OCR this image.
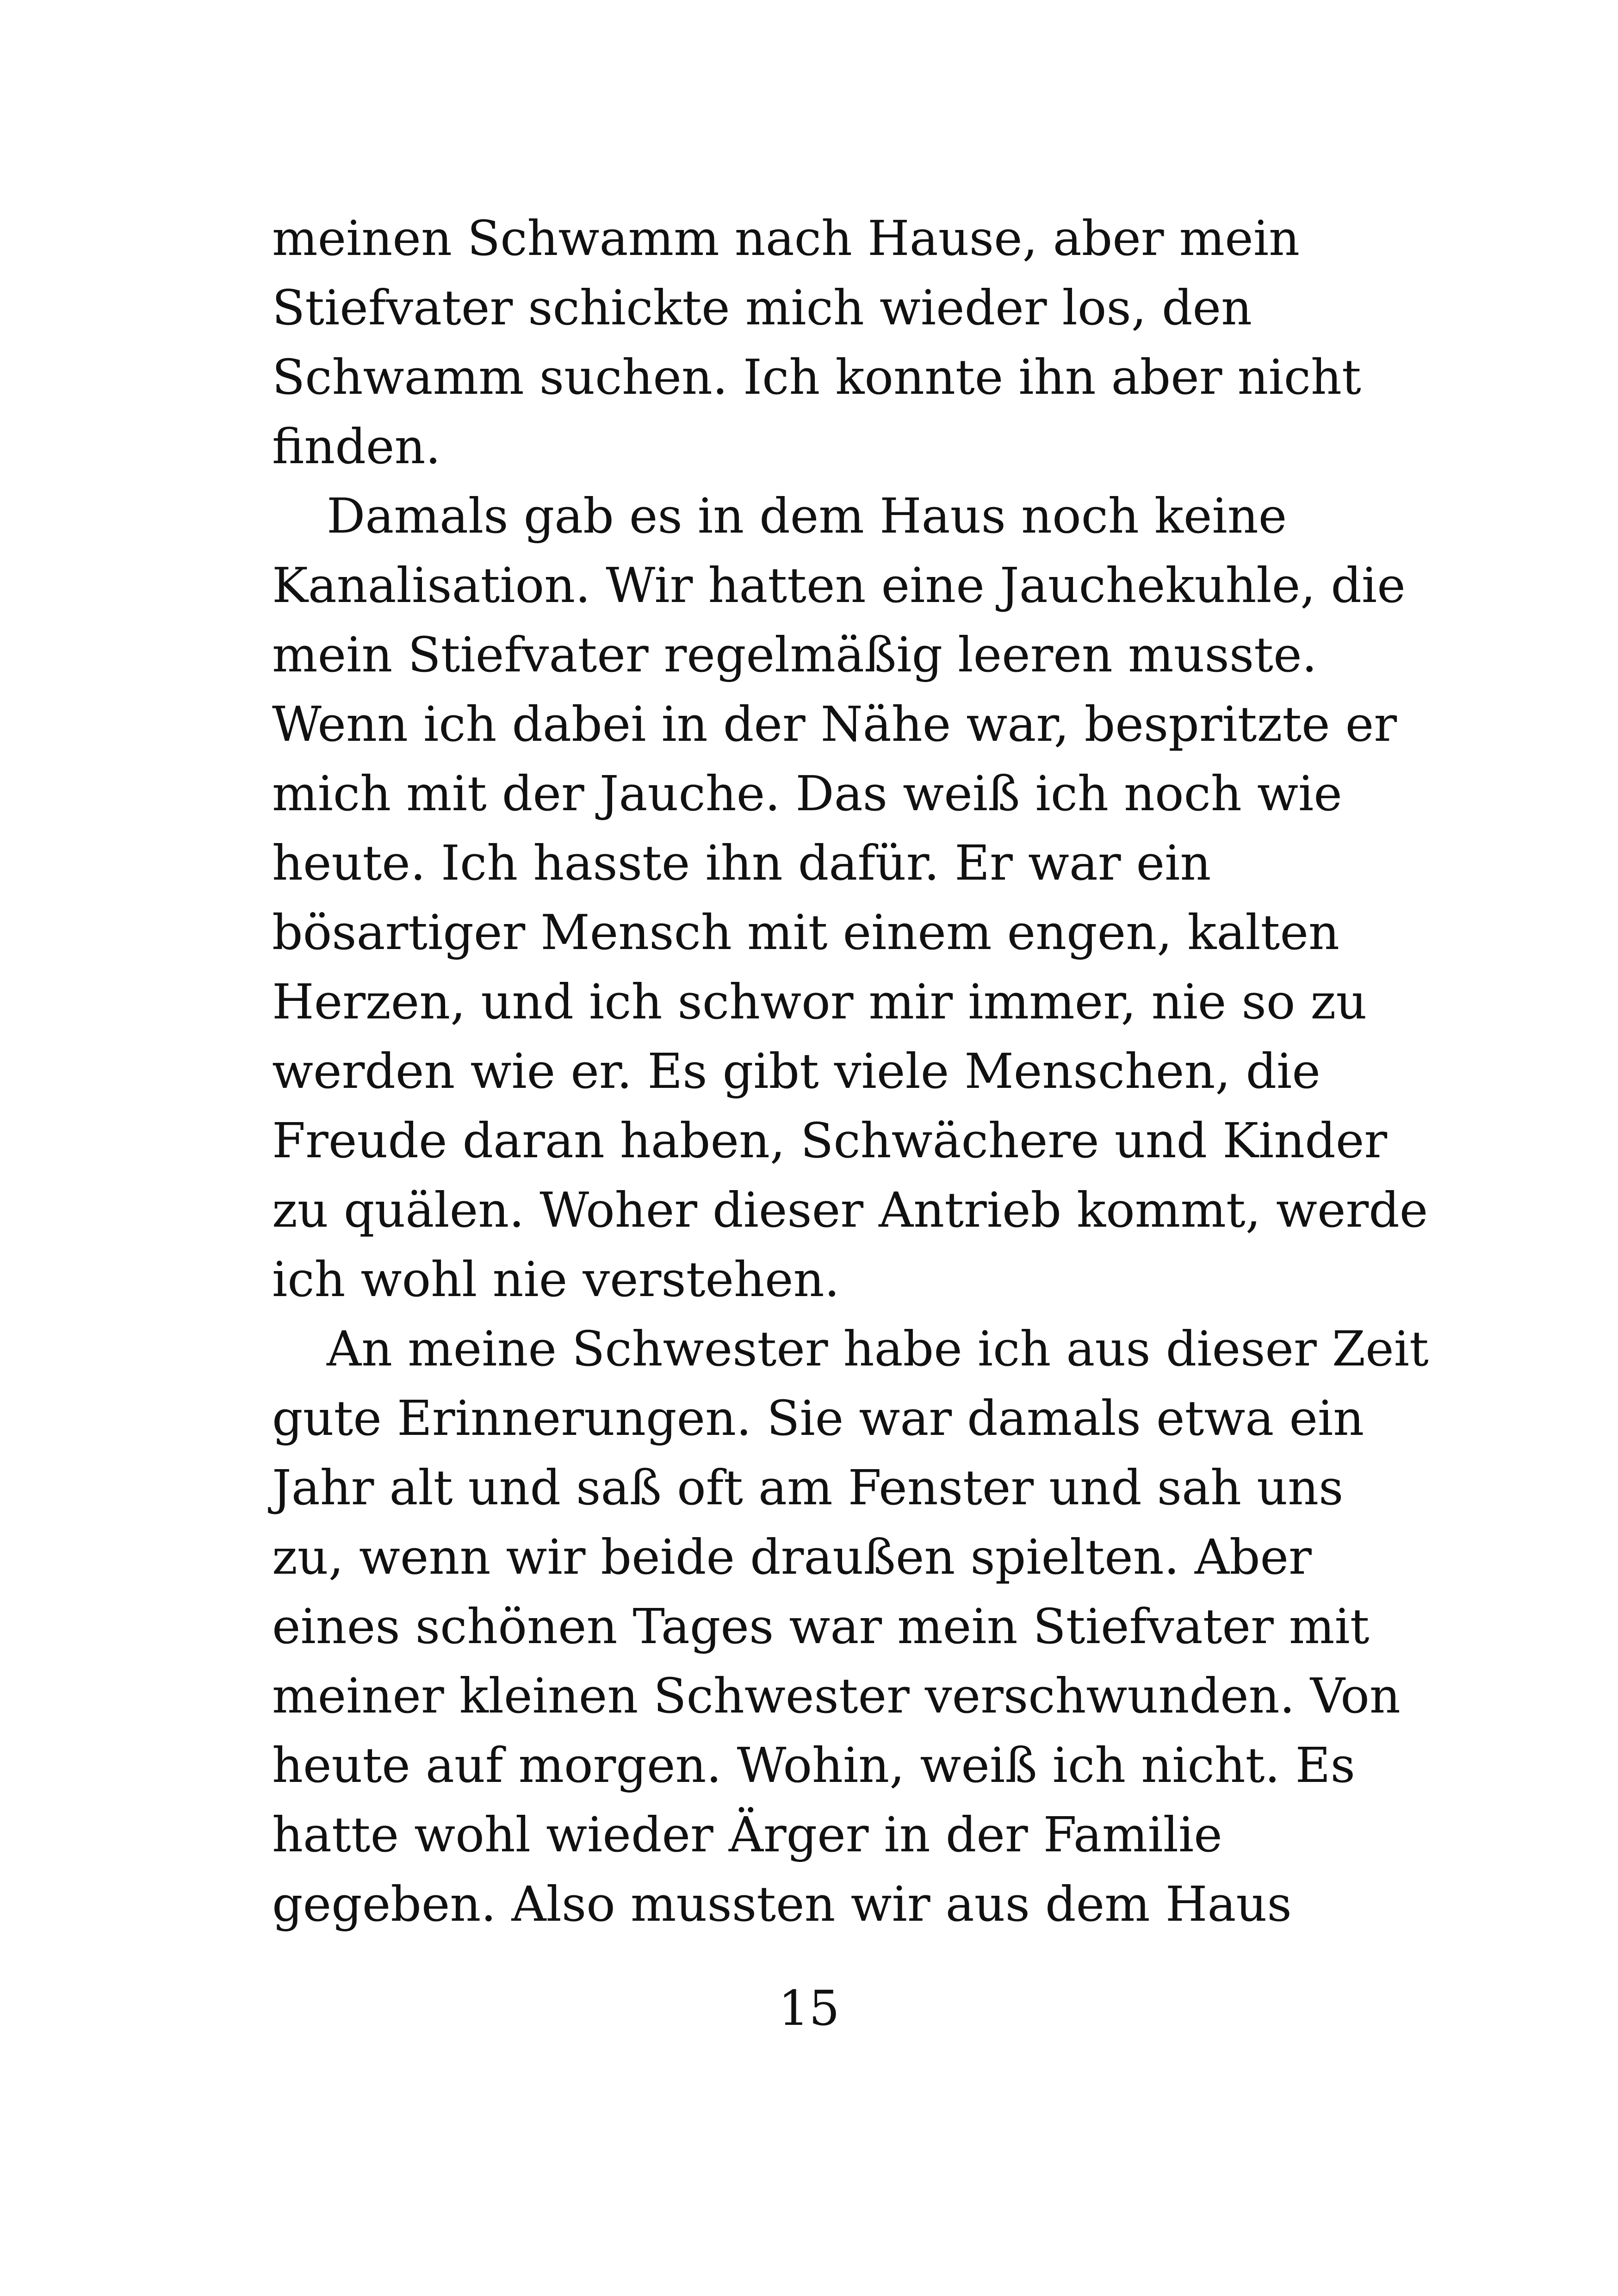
meinen Schwamm nach Hause, aber mein
Stiefvater schickte mich wieder los, den
Schwamm suchen. Ich konnte ihn aber nicht
finden.
Damals gab es in dem Haus noch keine
Kanalisation. Wir hatten eine Jauchekuhle, die
mein Stiefvater regelmäßig leeren musste.
Wenn ich dabei in der Nähe war, bespritzte er
mich mit der Jauche. Das weiß ich noch wie
heute. Ich hasste ihn dafür. Er war ein
bösartiger Mensch mit einem engen, kalten
Herzen, und ich schwor mir immer, nie so zu
werden wie er. Es gibt viele Menschen, die
Freude daran haben, Schwächere und Kinder
zu quälen. Woher dieser Antrieb kommt, werde
ich wohl nie verstehen.
An meine Schwester habe ich aus dieser Zeit
gute Erinnerungen. Sie war damals etwa ein
Jahr alt und saß oft am Fenster und sah uns
zu, wenn wir beide draußen spielten. Aber
eines schönen Tages war mein Stiefvater mit
meiner kleinen Schwester verschwunden. Von
heute auf morgen. Wohin, weiß ich nicht. Es
hatte wohl wieder Ärger in der Familie
gegeben. Also mussten wir aus dem Haus
15
